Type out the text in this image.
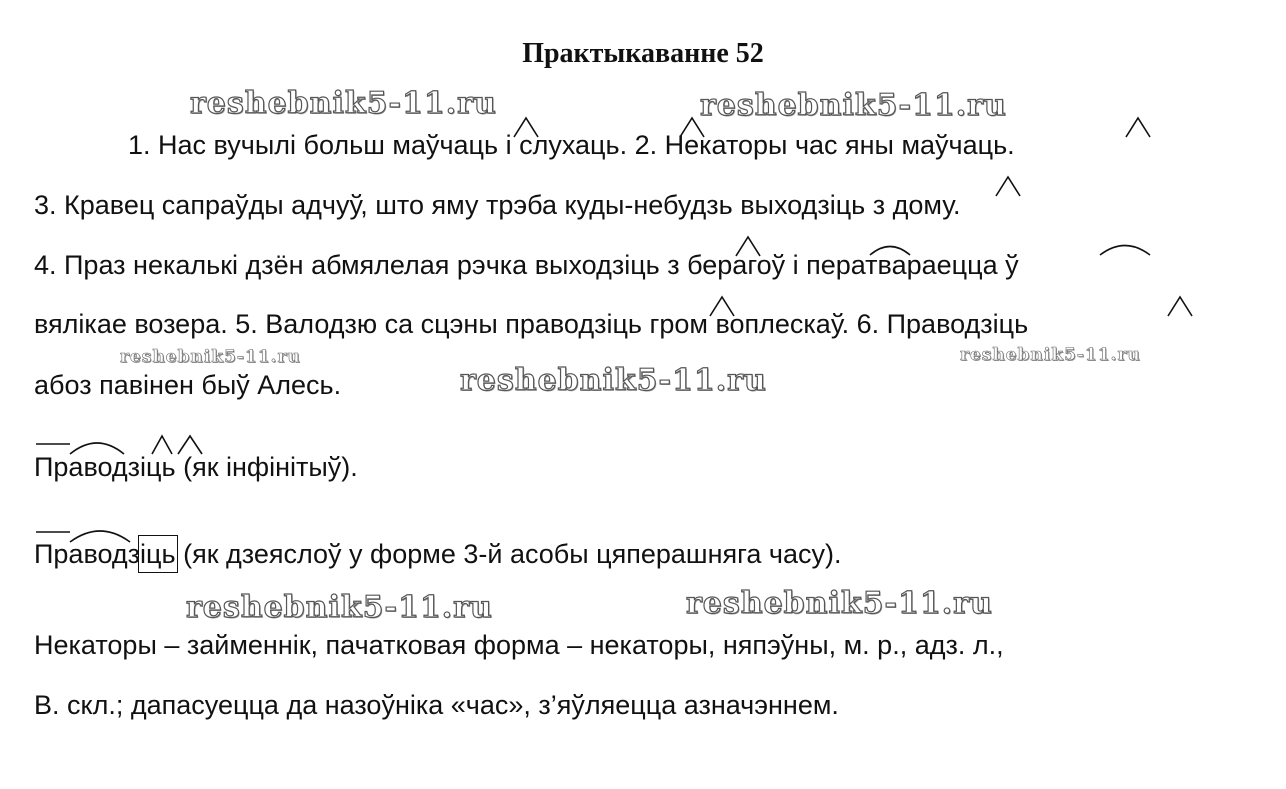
Практыкаванне 52
reshebnik5-11.ru	reshebnik5-11.ru
reshebnik5-11.ru	reshebnik5-11.ru
reshebnik5-11.ru
reshebnik5-11.ru	reshebnik5-11.ru
1. Нас вучылі больш маўчаць і слухаць. 2. Некаторы час яны маўчаць.
3. Кравец сапраўды адчуў, што яму трэба куды-небудзь выходзіць з дому.
4. Праз некалькі дзён абмялелая рэчка выходзіць з берагоў і ператвараецца ў
вялікае возера. 5. Валодзю са сцэны праводзіць гром воплескаў. 6. Праводзіць
абоз павінен быў Алесь.
Праводзіць (як інфінітыў).
Праводзіць (як дзеяслоў у форме 3-й асобы цяперашняга часу).
Некаторы – займеннік, пачатковая форма – некаторы, няпэўны, м. р., адз. л.,
В. скл.; дапасуецца да назоўніка «час», з’яўляецца азначэннем.
